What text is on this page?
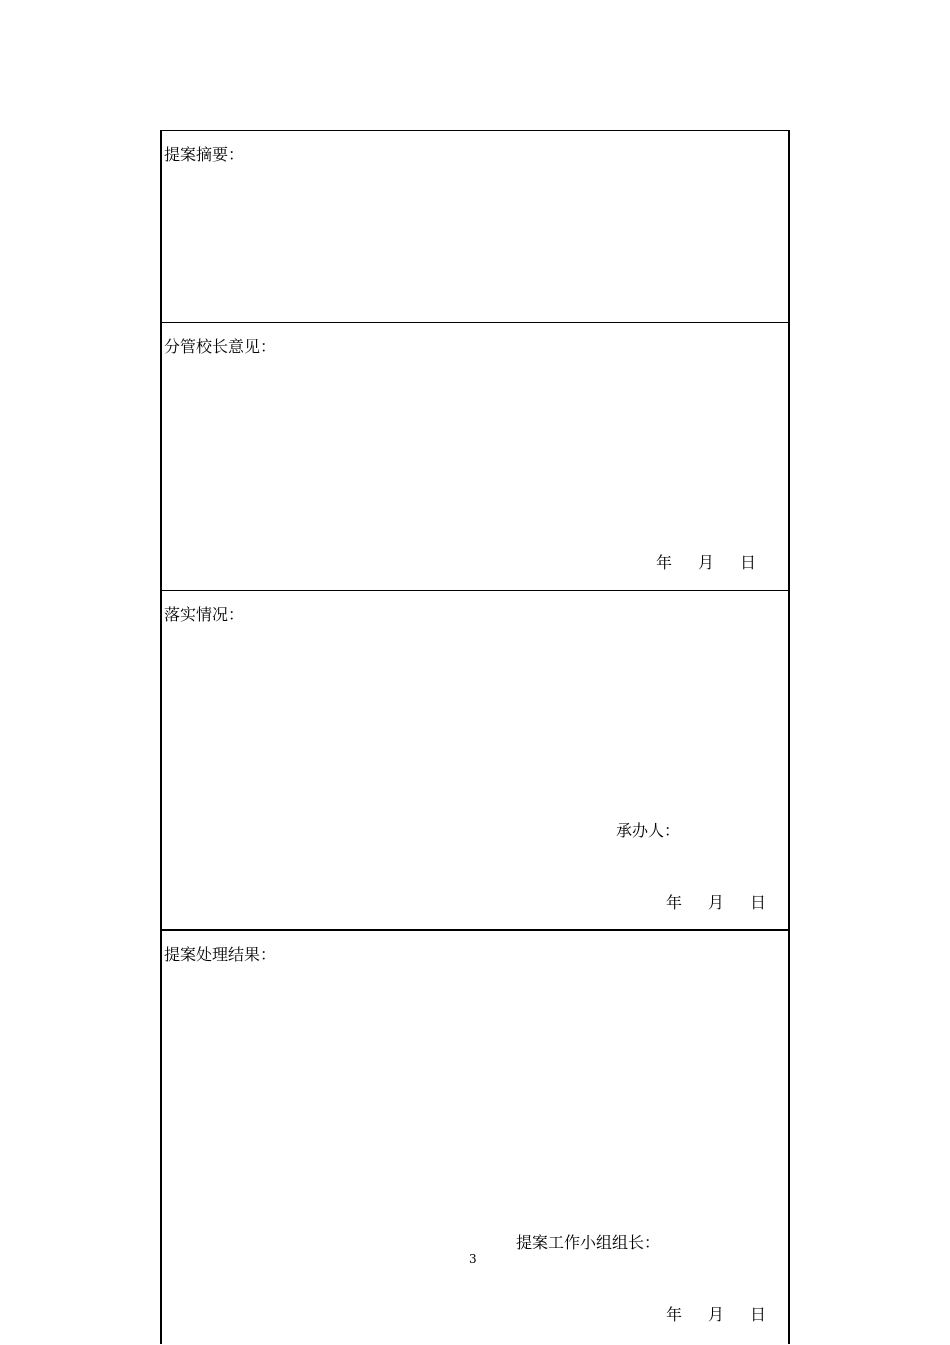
提案摘要：
分管校长意见：
年 月 日
落实情况：
承办人：
年 月 日
提案处理结果：
提案工作小组组长：
年 月 日
3
